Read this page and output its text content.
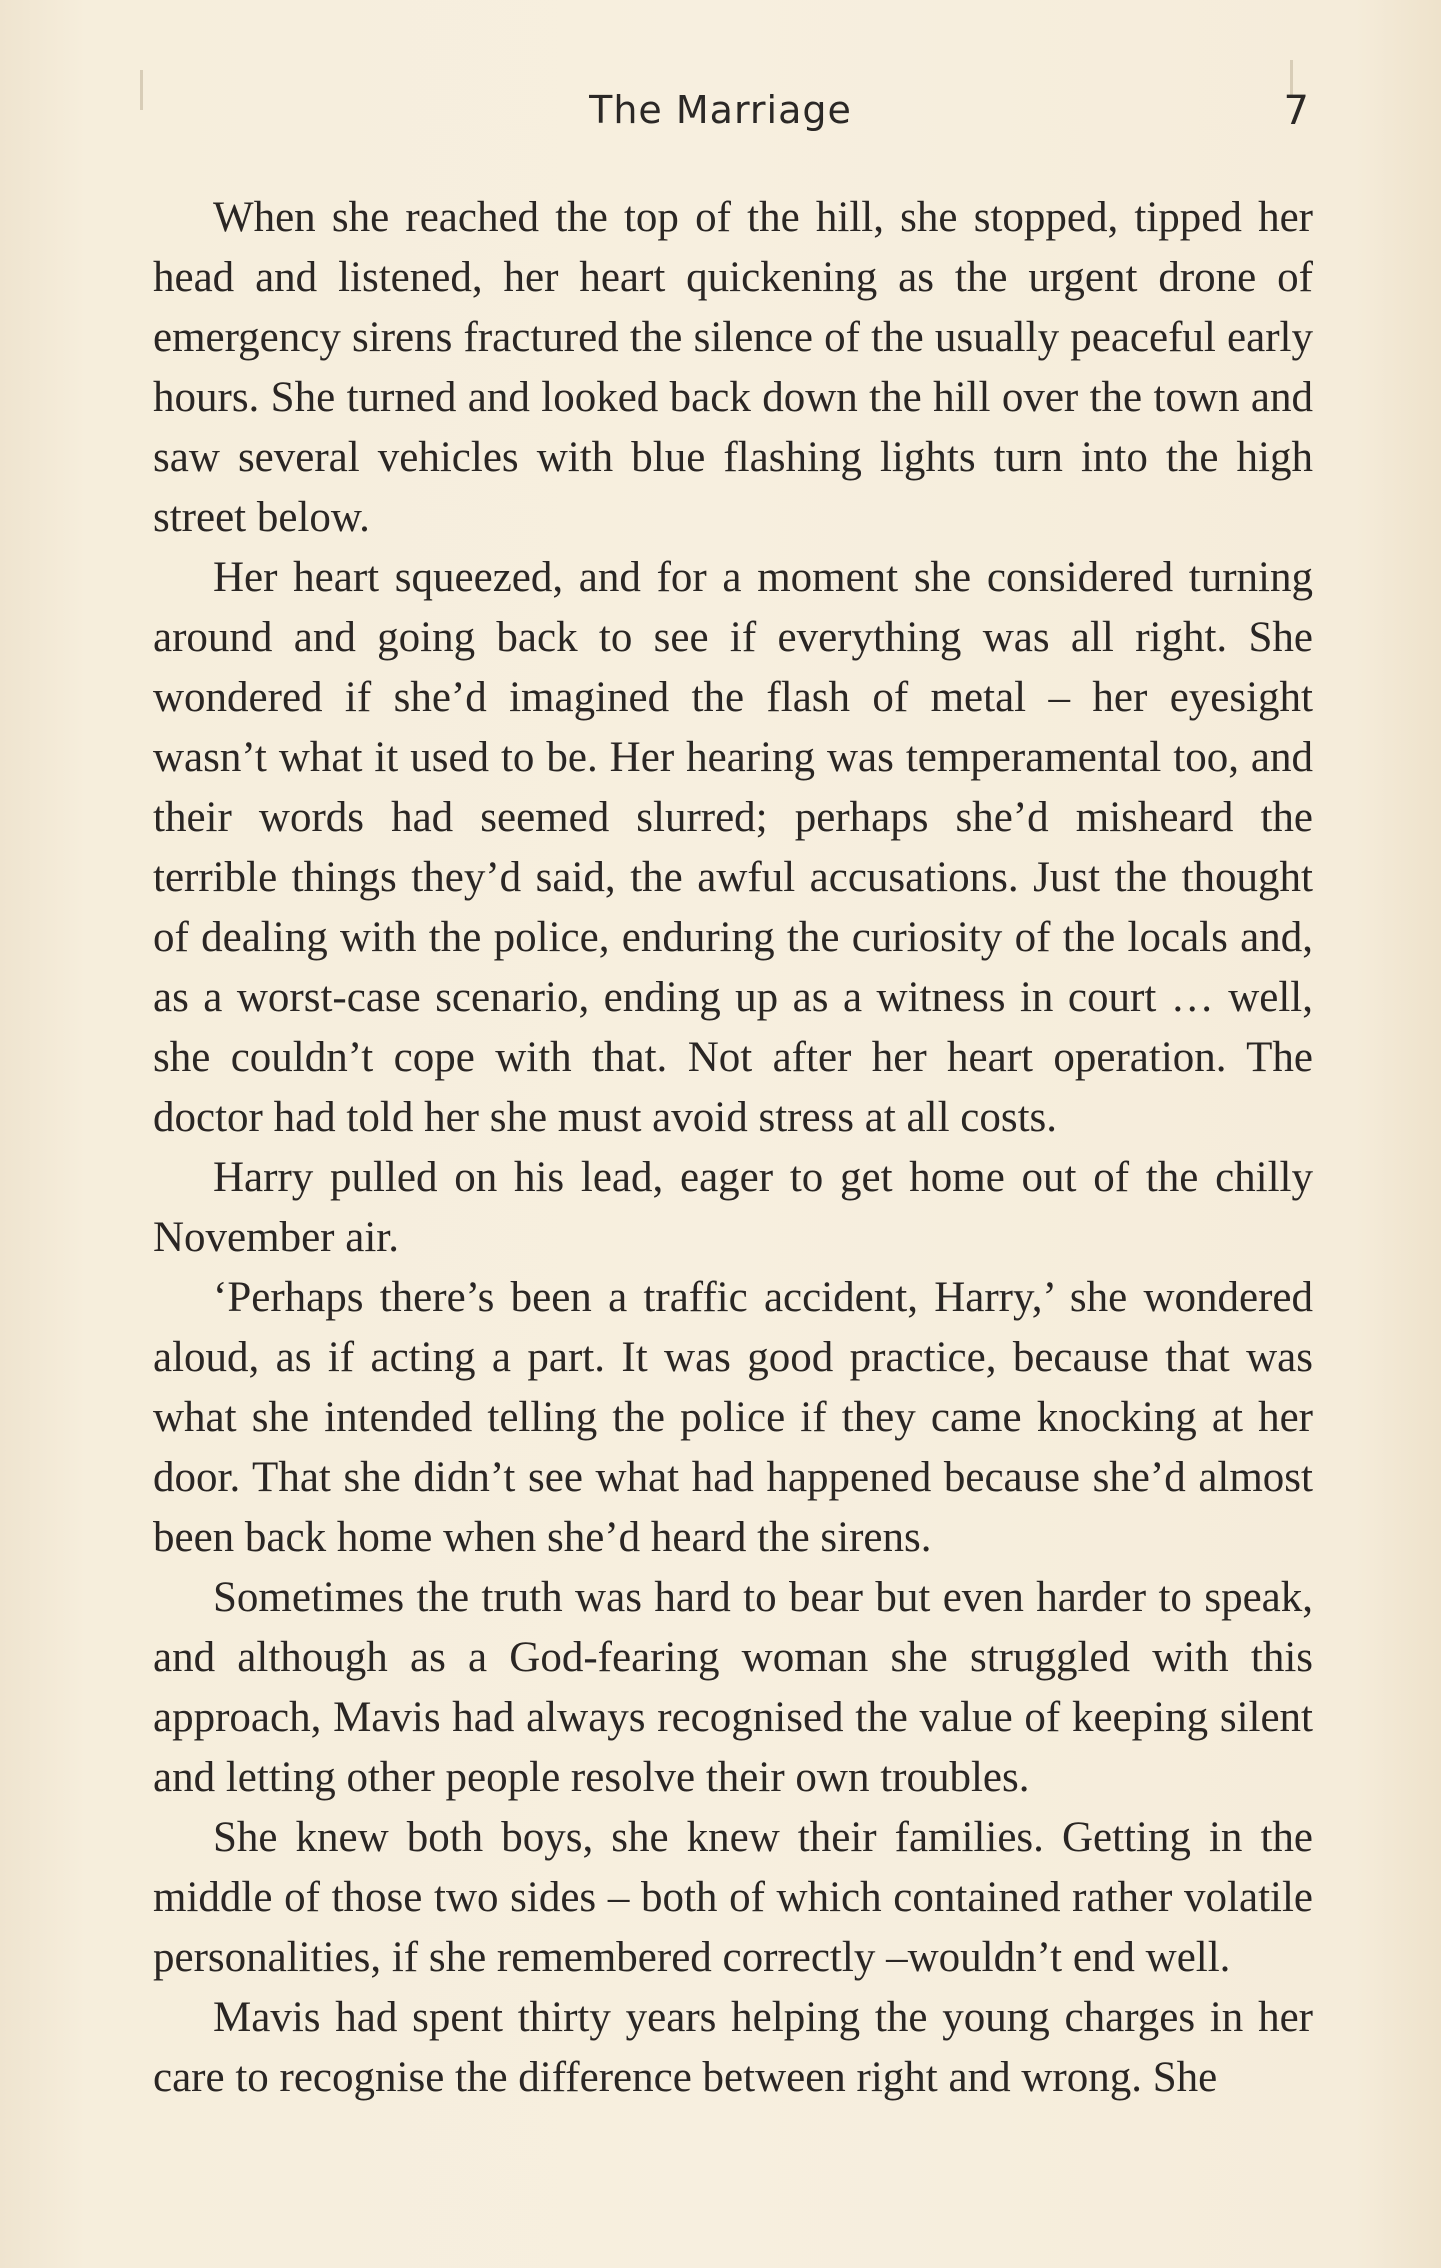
The Marriage	7

When she reached the top of the hill, she stopped, tipped her head and listened, her heart quickening as the urgent drone of emergency sirens fractured the silence of the usually peaceful early hours. She turned and looked back down the hill over the town and saw several vehicles with blue flashing lights turn into the high street below.

Her heart squeezed, and for a moment she considered turning around and going back to see if everything was all right. She wondered if she’d imagined the flash of metal – her eyesight wasn’t what it used to be. Her hearing was temperamental too, and their words had seemed slurred; perhaps she’d misheard the terrible things they’d said, the awful accusations. Just the thought of dealing with the police, enduring the curiosity of the locals and, as a worst-case scenario, ending up as a witness in court … well, she couldn’t cope with that. Not after her heart operation. The doctor had told her she must avoid stress at all costs.

Harry pulled on his lead, eager to get home out of the chilly November air.

‘Perhaps there’s been a traffic accident, Harry,’ she wondered aloud, as if acting a part. It was good practice, because that was what she intended telling the police if they came knocking at her door. That she didn’t see what had happened because she’d almost been back home when she’d heard the sirens.

Sometimes the truth was hard to bear but even harder to speak, and although as a God-fearing woman she struggled with this approach, Mavis had always recognised the value of keeping silent and letting other people resolve their own troubles.

She knew both boys, she knew their families. Getting in the middle of those two sides – both of which contained rather volatile personalities, if she remembered correctly –wouldn’t end well.

Mavis had spent thirty years helping the young charges in her care to recognise the difference between right and wrong. She
